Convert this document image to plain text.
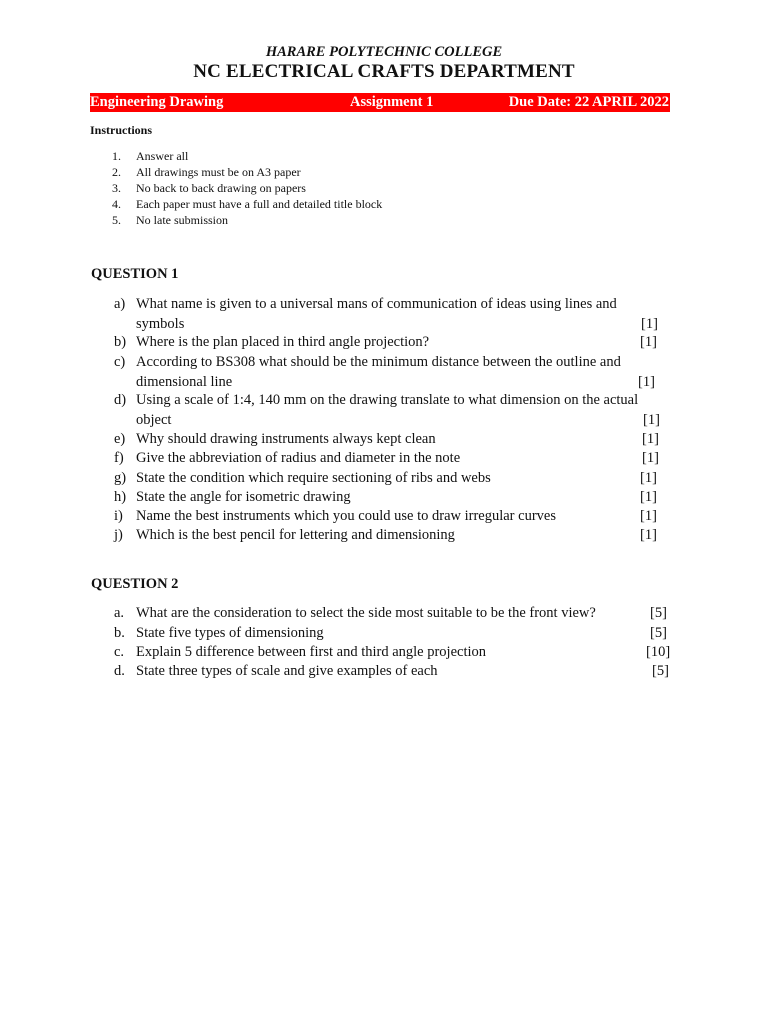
HARARE POLYTECHNIC COLLEGE
NC ELECTRICAL CRAFTS DEPARTMENT
Engineering Drawing	Assignment 1	Due Date: 22 APRIL 2022
Instructions
1.	Answer all
2.	All drawings must be on A3 paper
3.	No back to back drawing on papers
4.	Each paper must have a full and detailed title block
5.	No late submission
QUESTION 1
a) What name is given to a universal mans of communication of ideas using lines and
symbols	[1]
b) Where is the plan placed in third angle projection?	[1]
c) According to BS308 what should be the minimum distance between the outline and
dimensional line	[1]
d) Using a scale of 1:4, 140 mm on the drawing translate to what dimension on the actual
object	[1]
e) Why should drawing instruments always kept clean	[1]
f) Give the abbreviation of radius and diameter in the note	[1]
g) State the condition which require sectioning of ribs and webs	[1]
h) State the angle for isometric drawing	[1]
i) Name the best instruments which you could use to draw irregular curves	[1]
j) Which is the best pencil for lettering and dimensioning	[1]
QUESTION 2
a. What are the consideration to select the side most suitable to be the front view?	[5]
b. State five types of dimensioning	[5]
c. Explain 5 difference between first and third angle projection	[10]
d. State three types of scale and give examples of each	[5]
